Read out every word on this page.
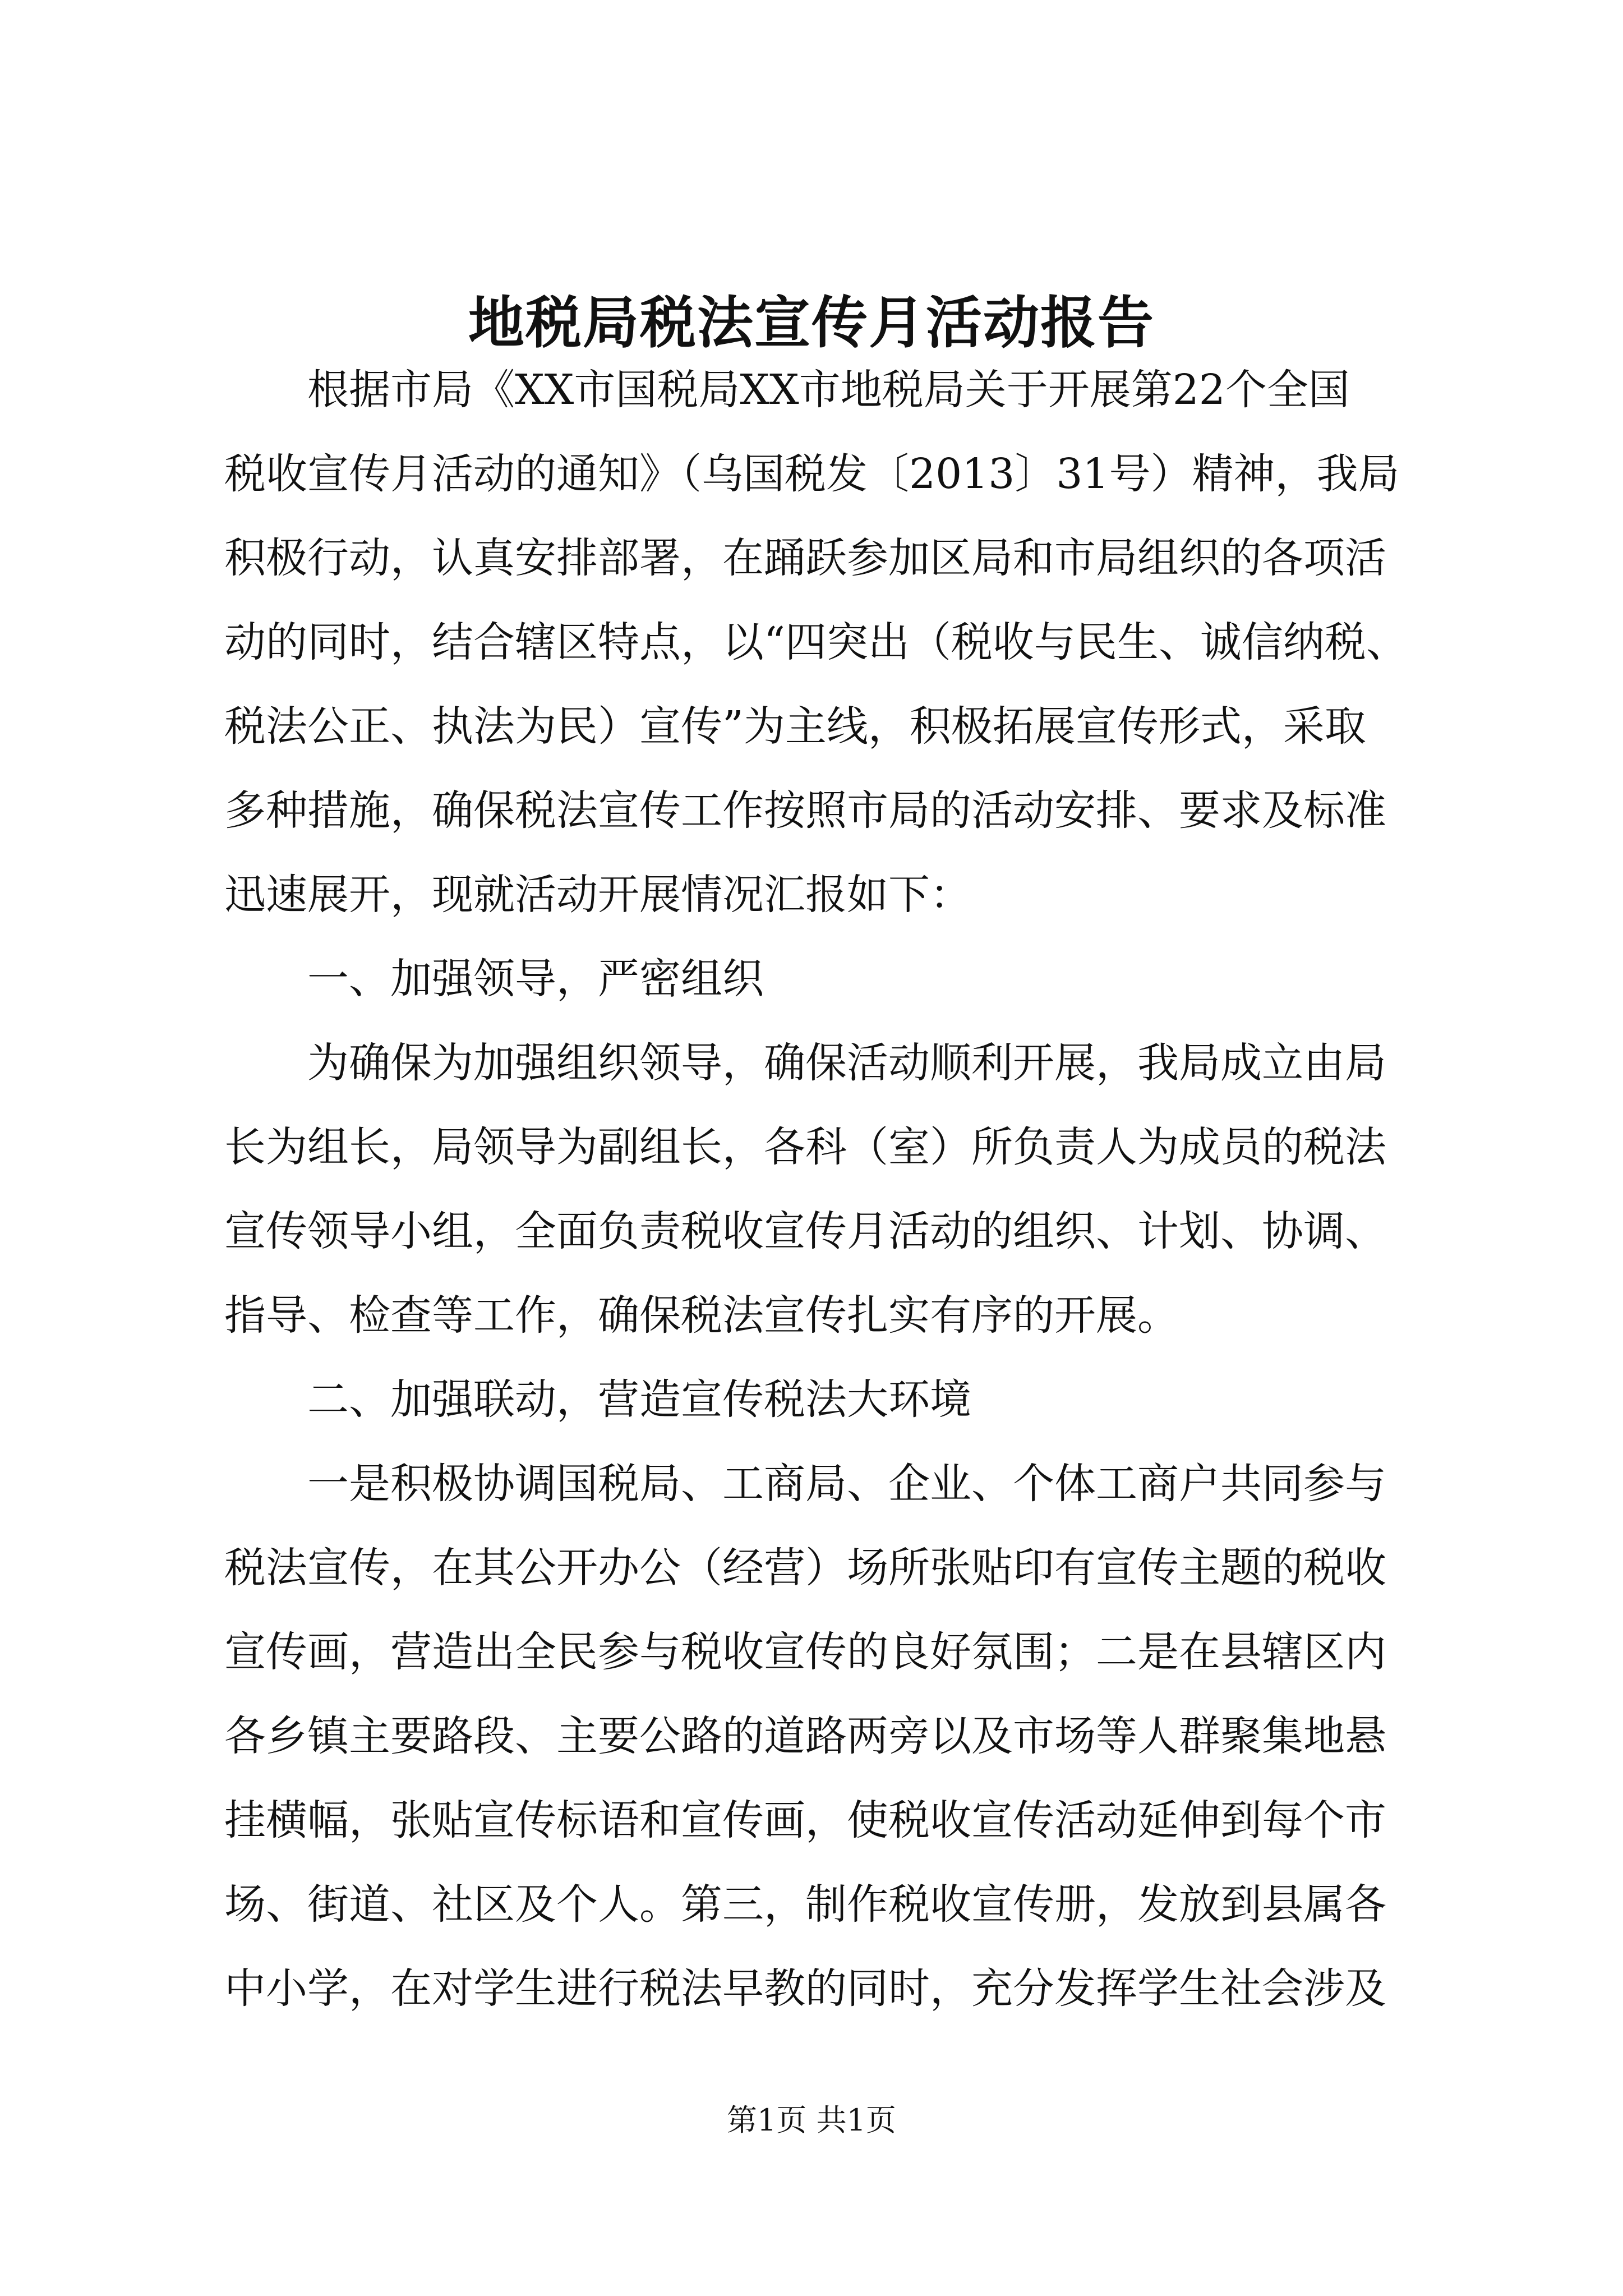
地税局税法宣传月活动报告
　　根据市局《XX市国税局XX市地税局关于开展第22个全国
税收宣传月活动的通知》（乌国税发〔2013〕31号）精神，我局
积极行动，认真安排部署，在踊跃参加区局和市局组织的各项活
动的同时，结合辖区特点，以“四突出（税收与民生、诚信纳税、
税法公正、执法为民）宣传”为主线，积极拓展宣传形式，采取
多种措施，确保税法宣传工作按照市局的活动安排、要求及标准
迅速展开，现就活动开展情况汇报如下：
　　一、加强领导，严密组织
　　为确保为加强组织领导，确保活动顺利开展，我局成立由局
长为组长，局领导为副组长，各科（室）所负责人为成员的税法
宣传领导小组，全面负责税收宣传月活动的组织、计划、协调、
指导、检查等工作，确保税法宣传扎实有序的开展。
　　二、加强联动，营造宣传税法大环境
　　一是积极协调国税局、工商局、企业、个体工商户共同参与
税法宣传，在其公开办公（经营）场所张贴印有宣传主题的税收
宣传画，营造出全民参与税收宣传的良好氛围；二是在县辖区内
各乡镇主要路段、主要公路的道路两旁以及市场等人群聚集地悬
挂横幅，张贴宣传标语和宣传画，使税收宣传活动延伸到每个市
场、街道、社区及个人。第三，制作税收宣传册，发放到县属各
中小学，在对学生进行税法早教的同时，充分发挥学生社会涉及
第1页 共1页
